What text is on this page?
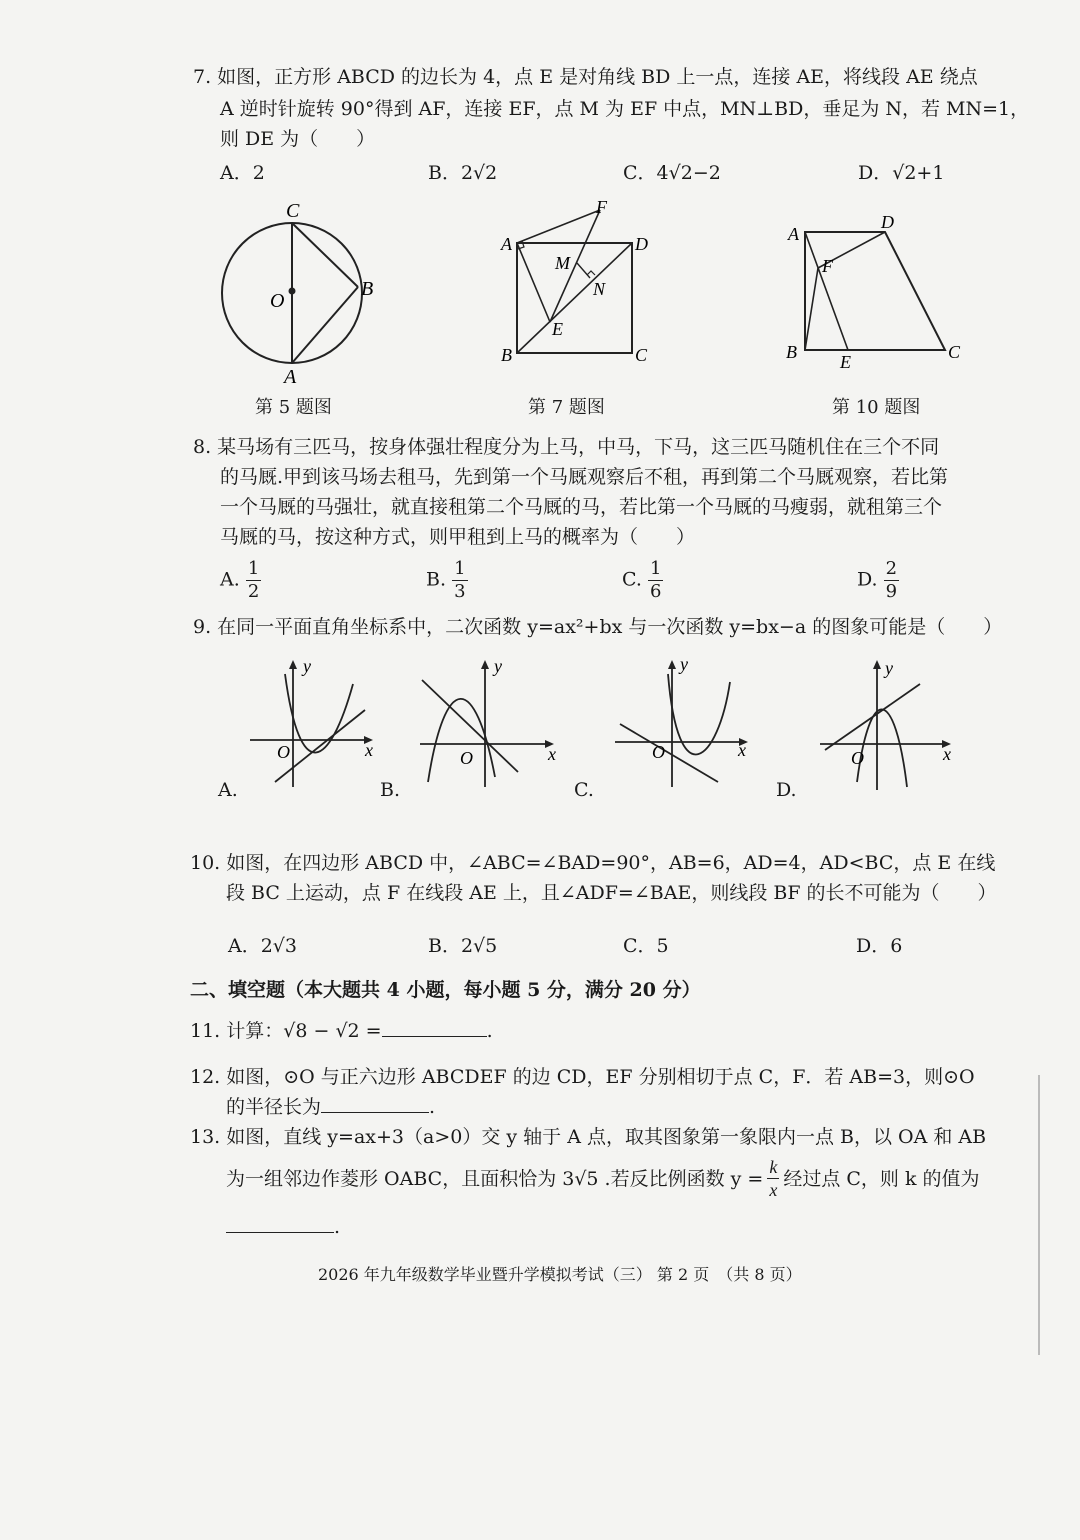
7. 如图，正方形 ABCD 的边长为 4，点 E 是对角线 BD 上一点，连接 AE，将线段 AE 绕点
A 逆时针旋转 90°得到 AF，连接 EF，点 M 为 EF 中点，MN⊥BD，垂足为 N，若 MN=1，
则 DE 为（　　）
A．2	B．2√2	C．4√2−2	D．√2+1
C
O
B
A
第 5 题图
F
A	D
M
N
E
B	C
第 7 题图
A
D
F
B E	C
第 10 题图
8. 某马场有三匹马，按身体强壮程度分为上马，中马，下马，这三匹马随机住在三个不同
的马厩.甲到该马场去租马，先到第一个马厩观察后不租，再到第二个马厩观察，若比第
一个马厩的马强壮，就直接租第二个马厩的马，若比第一个马厩的马瘦弱，就租第三个
马厩的马，按这种方式，则甲租到上马的概率为（　　）
A. $\frac{1}{2}$	B. $\frac{1}{3}$	C. $\frac{1}{6}$	D. $\frac{2}{9}$
9. 在同一平面直角坐标系中，二次函数 y=ax²+bx 与一次函数 y=bx−a 的图象可能是（　　）
y
x
O
A.
y
x
O
B.
y
x
O
C.
y
x
O
D.
10. 如图，在四边形 ABCD 中，∠ABC=∠BAD=90°，AB=6，AD=4，AD<BC，点 E 在线
段 BC 上运动，点 F 在线段 AE 上，且∠ADF=∠BAE，则线段 BF 的长不可能为（　　）
A．2√3	B．2√5	C．5	D．6
二、填空题（本大题共 4 小题，每小题 5 分，满分 20 分）
11. 计算：√8 − √2 =	.
12. 如图，⊙O 与正六边形 ABCDEF 的边 CD，EF 分别相切于点 C，F．若 AB=3，则⊙O
的半径长为	.
13. 如图，直线 y=ax+3（a>0）交 y 轴于 A 点，取其图象第一象限内一点 B，以 OA 和 AB
为一组邻边作菱形 OABC，且面积恰为 3√5 .若反比例函数 $y = \frac{k}{x}$ 经过点 C，则 k 的值为
.
2026 年九年级数学毕业暨升学模拟考试（三） 第 2 页　（共 8 页）
